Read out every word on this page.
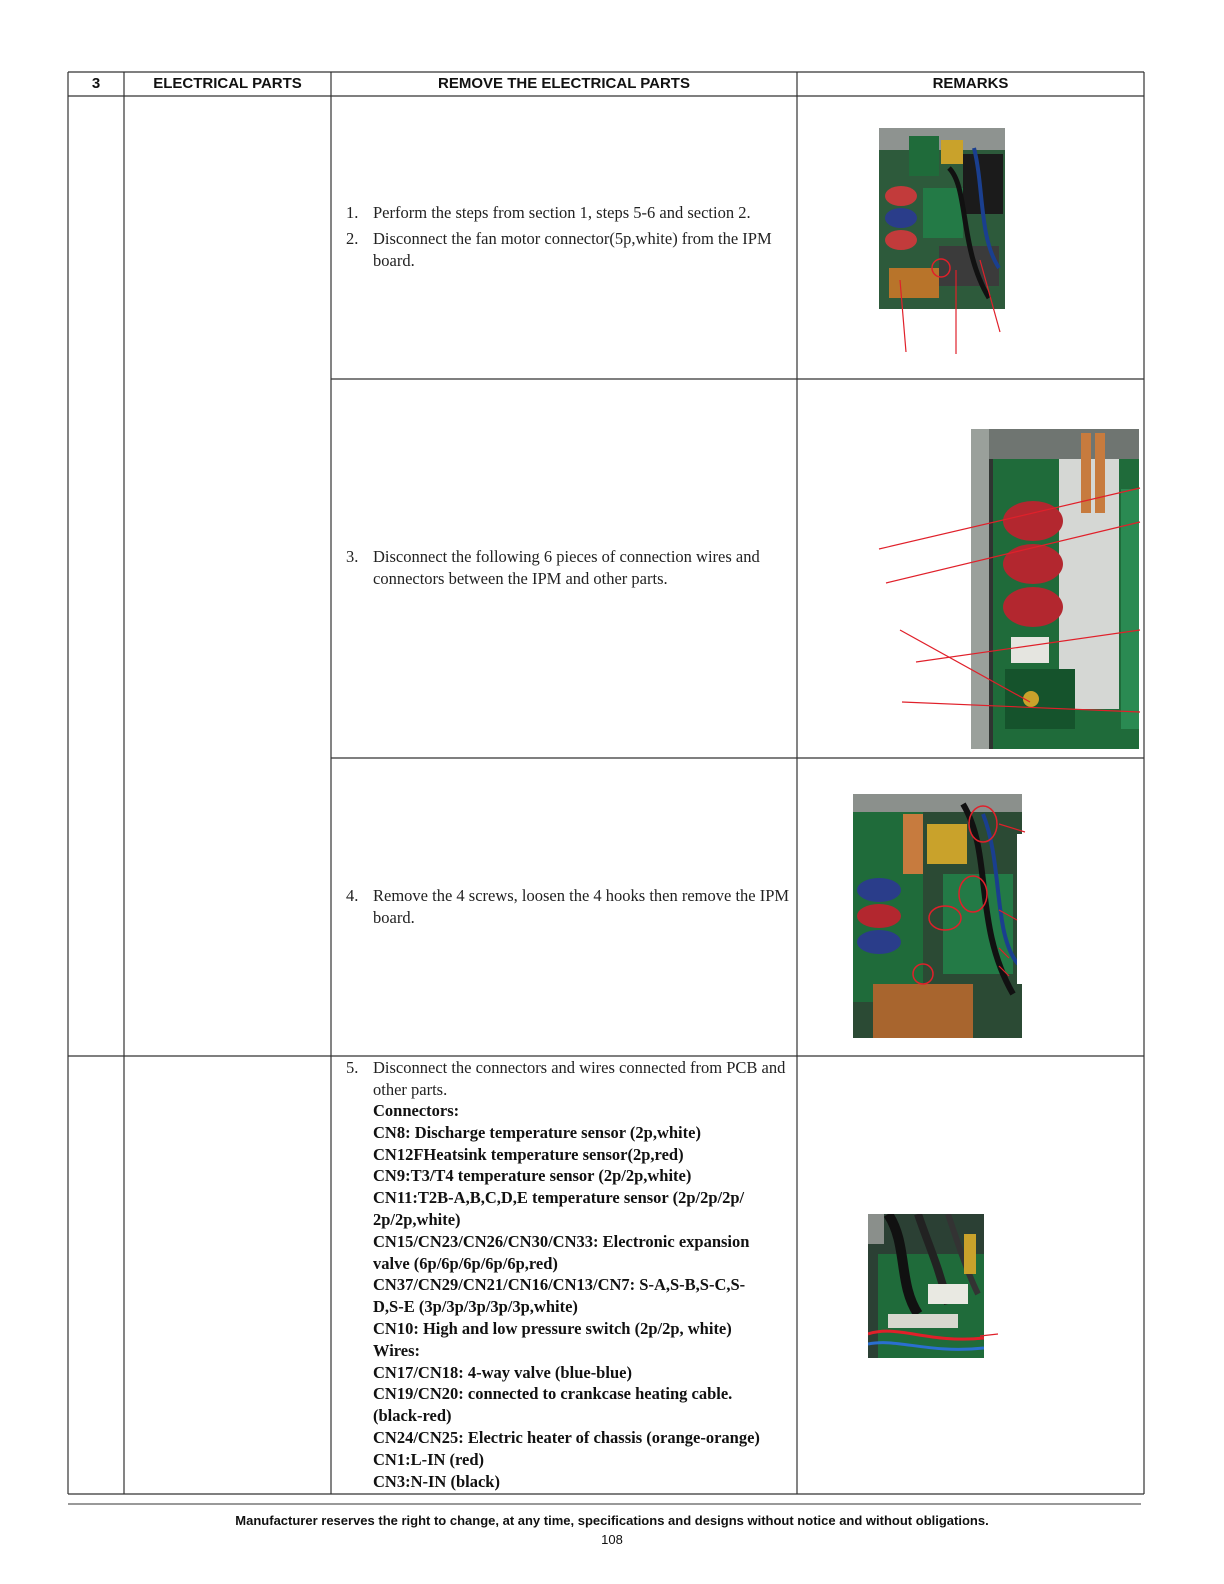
3	ELECTRICAL PARTS	REMOVE THE ELECTRICAL PARTS	REMARKS
1. Perform the steps from section 1, steps 5-6 and section 2.
2. Disconnect the fan motor connector(5p,white) from the IPM board.
3. Disconnect the following 6 pieces of connection wires and connectors between the IPM and other parts.
4. Remove the 4 screws, loosen the 4 hooks then remove the IPM board.
5. Disconnect the connectors and wires connected from PCB and other parts.
Connectors:
CN8: Discharge temperature sensor (2p,white)
CN12FHeatsink temperature sensor(2p,red)
CN9:T3/T4 temperature sensor (2p/2p,white)
CN11:T2B-A,B,C,D,E temperature sensor (2p/2p/2p/
2p/2p,white)
CN15/CN23/CN26/CN30/CN33: Electronic expansion
valve (6p/6p/6p/6p/6p,red)
CN37/CN29/CN21/CN16/CN13/CN7: S-A,S-B,S-C,S-
D,S-E (3p/3p/3p/3p/3p,white)
CN10: High and low pressure switch (2p/2p, white)
Wires:
CN17/CN18: 4-way valve (blue-blue)
CN19/CN20: connected to crankcase heating cable.
(black-red)
CN24/CN25: Electric heater of chassis (orange-orange)
CN1:L-IN (red)
CN3:N-IN (black)
Manufacturer reserves the right to change, at any time, specifications and designs without notice and without obligations.
108
